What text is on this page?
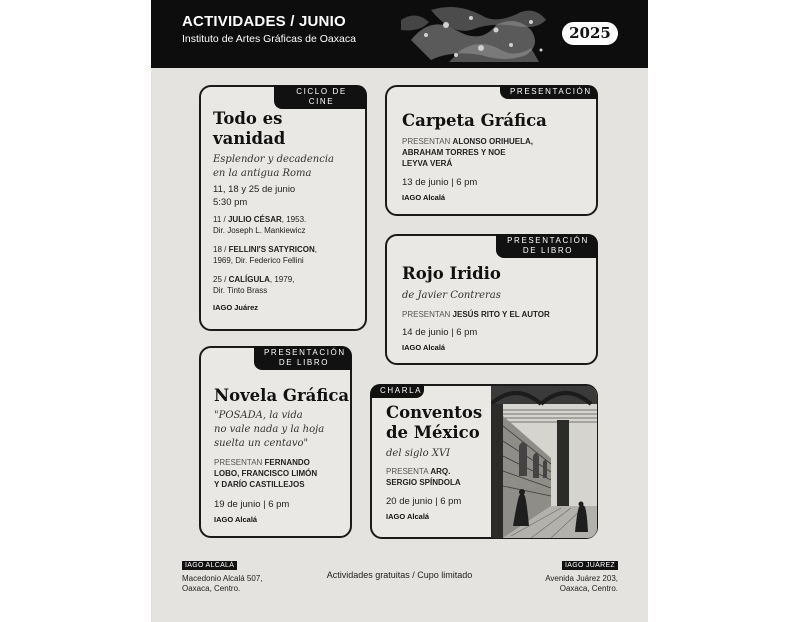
ACTIVIDADES / JUNIO
Instituto de Artes Gráficas de Oaxaca	2025
CICLO DE CINE
Todo es
vanidad
Esplendor y decadencia
en la antigua Roma
11, 18 y 25 de junio
5:30 pm
11 / JULIO CÉSAR, 1953.
Dir. Joseph L. Mankiewicz
18 / FELLINI'S SATYRICON,
1969, Dir. Federico Fellini
25 / CALÍGULA, 1979,
Dir. Tinto Brass
IAGO Juárez
PRESENTACIÓN
Carpeta Gráfica
PRESENTAN ALONSO ORIHUELA,
ABRAHAM TORRES Y NOE
LEYVA VERÁ
13 de junio | 6 pm
IAGO Alcalá
PRESENTACIÓN
DE LIBRO
Rojo Iridio
de Javier Contreras
PRESENTAN JESÚS RITO Y EL AUTOR
14 de junio | 6 pm
IAGO Alcalá
PRESENTACIÓN
DE LIBRO
Novela Gráfica
"POSADA, la vida
no vale nada y la hoja
suelta un centavo"
PRESENTAN FERNANDO
LOBO, FRANCISCO LIMÓN
Y DARÍO CASTILLEJOS
19 de junio | 6 pm
IAGO Alcalá
CHARLA
Conventos
de México
del siglo XVI
PRESENTA ARQ.
SERGIO SPÍNDOLA
20 de junio | 6 pm
IAGO Alcalá
IAGO ALCALÁ
Macedonio Alcalá 507,
Oaxaca, Centro.
Actividades gratuitas / Cupo limitado
IAGO JUÁREZ
Avenida Juárez 203,
Oaxaca, Centro.
